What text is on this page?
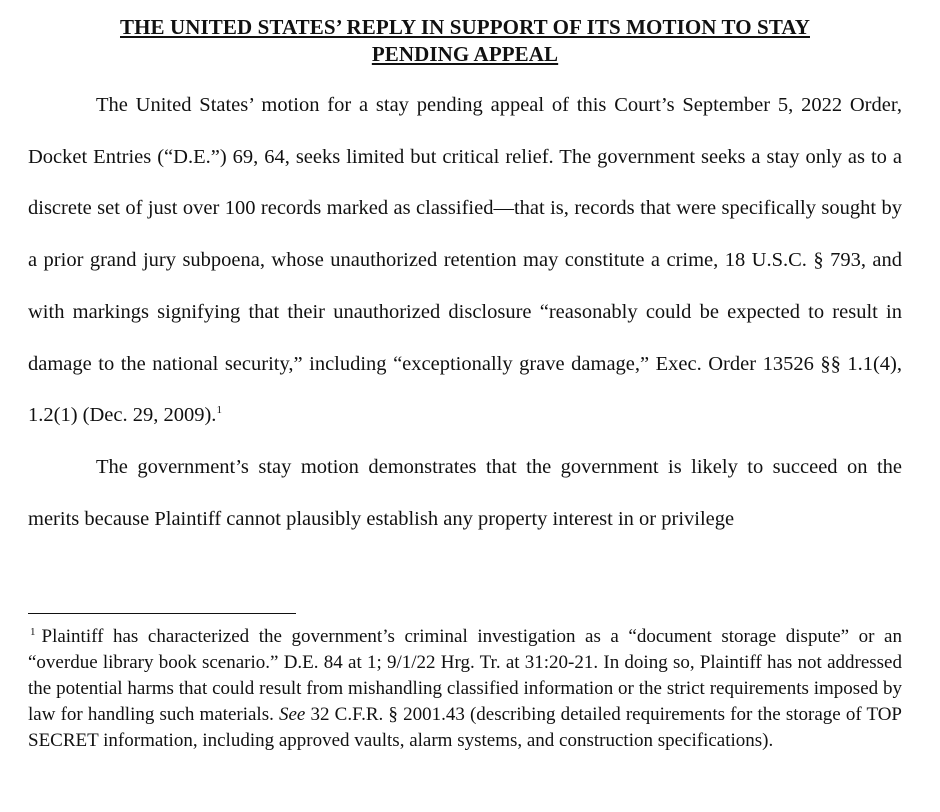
THE UNITED STATES’ REPLY IN SUPPORT OF ITS MOTION TO STAY
PENDING APPEAL

The United States’ motion for a stay pending appeal of this Court’s September 5, 2022 Order, Docket Entries (“D.E.”) 69, 64, seeks limited but critical relief. The government seeks a stay only as to a discrete set of just over 100 records marked as classified—that is, records that were specifically sought by a prior grand jury subpoena, whose unauthorized retention may constitute a crime, 18 U.S.C. § 793, and with markings signifying that their unauthorized disclosure “reasonably could be expected to result in damage to the national security,” including “exceptionally grave damage,” Exec. Order 13526 §§ 1.1(4), 1.2(1) (Dec. 29, 2009).$^1$

The government’s stay motion demonstrates that the government is likely to succeed on the merits because Plaintiff cannot plausibly establish any property interest in or privilege

$^1$ Plaintiff has characterized the government’s criminal investigation as a “document storage dispute” or an “overdue library book scenario.” D.E. 84 at 1; 9/1/22 Hrg. Tr. at 31:20-21. In doing so, Plaintiff has not addressed the potential harms that could result from mishandling classified information or the strict requirements imposed by law for handling such materials. See 32 C.F.R. § 2001.43 (describing detailed requirements for the storage of TOP SECRET information, including approved vaults, alarm systems, and construction specifications).
